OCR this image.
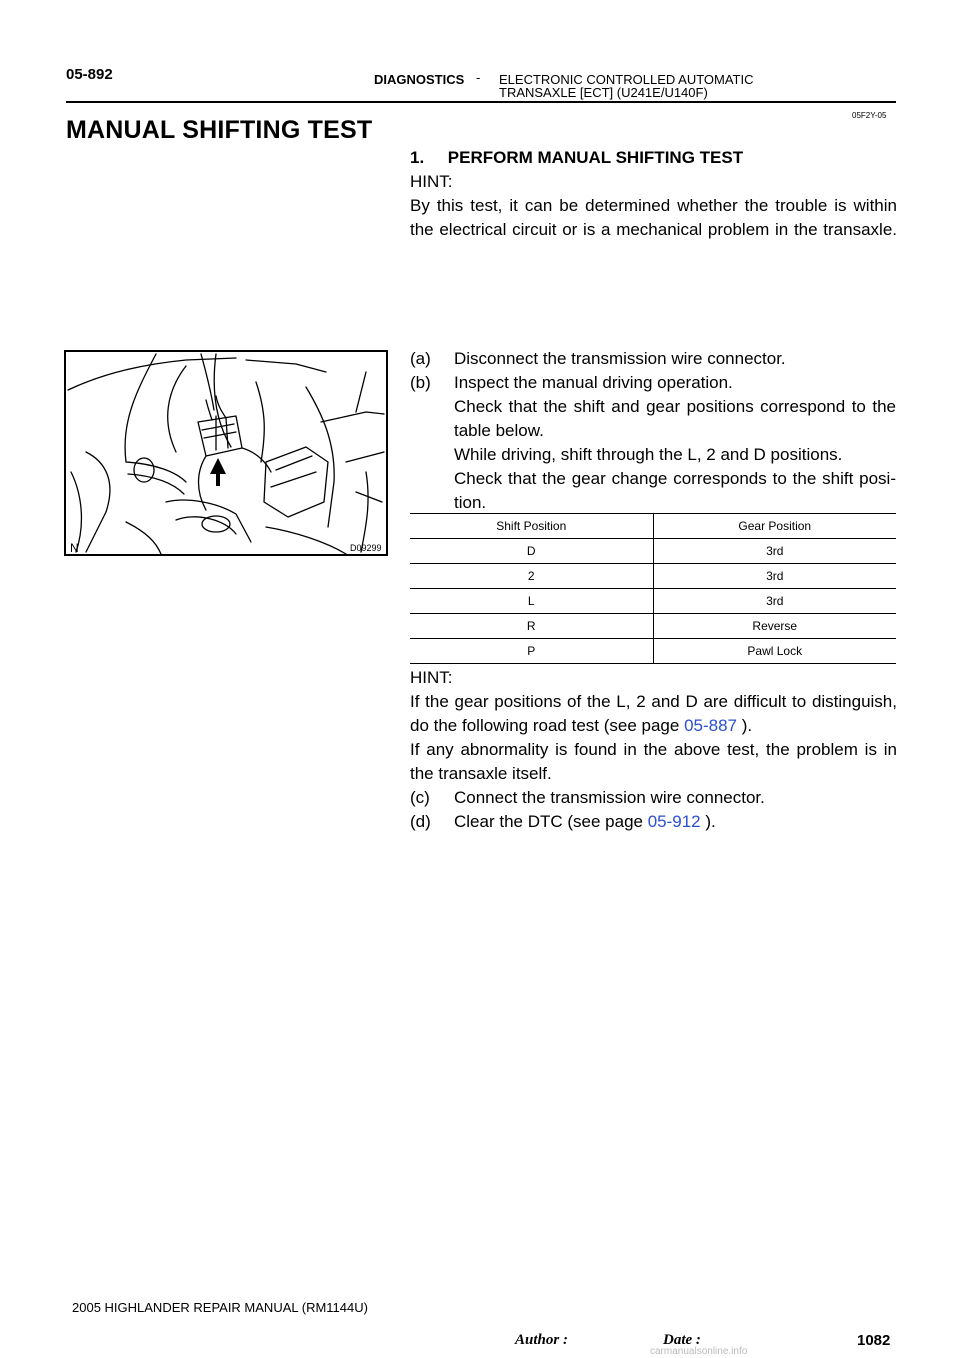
05-892	DIAGNOSTICS - ELECTRONIC CONTROLLED AUTOMATIC
TRANSAXLE [ECT] (U241E/U140F)
05F2Y-05
MANUAL SHIFTING TEST
1.     PERFORM MANUAL SHIFTING TEST
HINT:
By this test, it can be determined whether the trouble is within
the electrical circuit or is a mechanical problem in the transaxle.
N	D09299
(a) Disconnect the transmission wire connector.
(b) Inspect the manual driving operation.
Check that the shift and gear positions correspond to the
table below.
While driving, shift through the L, 2 and D positions.
Check that the gear change corresponds to the shift posi-
tion.
Shift Position	Gear Position
D	3rd
2	3rd
L	3rd
R	Reverse
P	Pawl Lock
HINT:
If the gear positions of the L, 2 and D are difficult to distinguish,
do the following road test (see page 05-887 ).
If any abnormality is found in the above test, the problem is in
the transaxle itself.
(c) Connect the transmission wire connector.
(d) Clear the DTC (see page 05-912 ).
2005 HIGHLANDER REPAIR MANUAL (RM1144U)
Author :	Date :	1082
carmanualsonline.info
